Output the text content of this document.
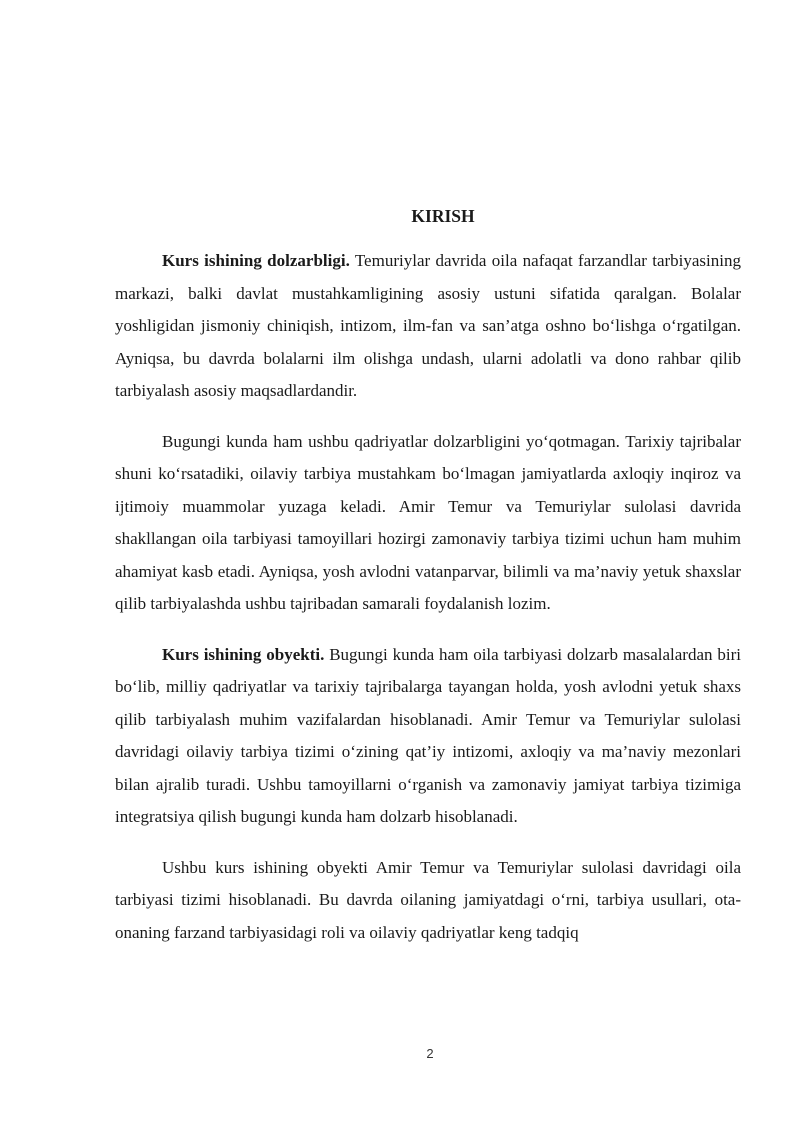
KIRISH

Kurs ishining dolzarbligi. Temuriylar davrida oila nafaqat farzandlar tarbiyasining markazi, balki davlat mustahkamligining asosiy ustuni sifatida qaralgan. Bolalar yoshligidan jismoniy chiniqish, intizom, ilm-fan va san’atga oshno bo‘lishga o‘rgatilgan. Ayniqsa, bu davrda bolalarni ilm olishga undash, ularni adolatli va dono rahbar qilib tarbiyalash asosiy maqsadlardandir.

Bugungi kunda ham ushbu qadriyatlar dolzarbligini yo‘qotmagan. Tarixiy tajribalar shuni ko‘rsatadiki, oilaviy tarbiya mustahkam bo‘lmagan jamiyatlarda axloqiy inqiroz va ijtimoiy muammolar yuzaga keladi. Amir Temur va Temuriylar sulolasi davrida shakllangan oila tarbiyasi tamoyillari hozirgi zamonaviy tarbiya tizimi uchun ham muhim ahamiyat kasb etadi. Ayniqsa, yosh avlodni vatanparvar, bilimli va ma’naviy yetuk shaxslar qilib tarbiyalashda ushbu tajribadan samarali foydalanish lozim.

Kurs ishining obyekti. Bugungi kunda ham oila tarbiyasi dolzarb masalalardan biri bo‘lib, milliy qadriyatlar va tarixiy tajribalarga tayangan holda, yosh avlodni yetuk shaxs qilib tarbiyalash muhim vazifalardan hisoblanadi. Amir Temur va Temuriylar sulolasi davridagi oilaviy tarbiya tizimi o‘zining qat’iy intizomi, axloqiy va ma’naviy mezonlari bilan ajralib turadi. Ushbu tamoyillarni o‘rganish va zamonaviy jamiyat tarbiya tizimiga integratsiya qilish bugungi kunda ham dolzarb hisoblanadi.

Ushbu kurs ishining obyekti Amir Temur va Temuriylar sulolasi davridagi oila tarbiyasi tizimi hisoblanadi. Bu davrda oilaning jamiyatdagi o‘rni, tarbiya usullari, ota-onaning farzand tarbiyasidagi roli va oilaviy qadriyatlar keng tadqiq

2
